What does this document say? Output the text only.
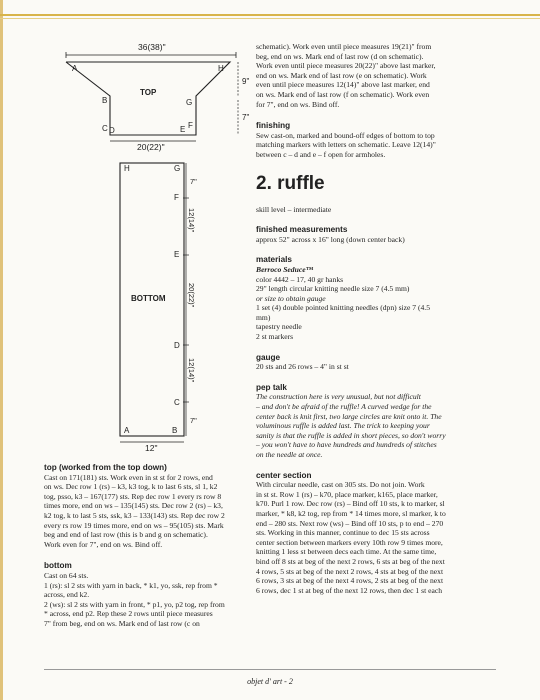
36(38)"
9"
7"
20(22)"
TOP
A	H
B	G
C D	E F
12"
BOTTOM
7"
12(14)"
20(22)"
12(14)"
7"
H	G
F
E
D
C
B
A

top (worked from the top down)

Cast on 171(181) sts. Work even in st st for 2 rows, end

on ws. Dec row 1 (rs) – k3, k3 tog, k to last 6 sts, sl 1, k2

tog, psso, k3 – 167(177) sts. Rep dec row 1 every rs row 8

times more, end on ws – 135(145) sts. Dec row 2 (rs) – k3,

k2 tog, k to last 5 sts, ssk, k3 – 133(143) sts. Rep dec row 2

every rs row 19 times more, end on ws – 95(105) sts. Mark

beg and end of last row (this is b and g on schematic).

Work even for 7", end on ws. Bind off.

bottom

Cast on 64 sts.

1 (rs): sl 2 sts with yarn in back, * k1, yo, ssk, rep from *

across, end k2.

2 (ws): sl 2 sts with yarn in front, * p1, yo, p2 tog, rep from

* across, end p2. Rep these 2 rows until piece measures

7" from beg, end on ws. Mark end of last row (c on

schematic). Work even until piece measures 19(21)" from

beg, end on ws. Mark end of last row (d on schematic).

Work even until piece measures 20(22)" above last marker,

end on ws. Mark end of last row (e on schematic). Work

even until piece measures 12(14)" above last marker, end

on ws. Mark end of last row (f on schematic). Work even

for 7", end on ws. Bind off.

finishing

Sew cast-on, marked and bound-off edges of bottom to top

matching markers with letters on schematic. Leave 12(14)"

between c – d and e – f open for armholes.

2. ruffle

skill level – intermediate

finished measurements

approx 52" across x 16" long (down center back)

materials

Berroco Seduce™

color 4442 – 17, 40 gr hanks

29" length circular knitting needle size 7 (4.5 mm)

or size to obtain gauge

1 set (4) double pointed knitting needles (dpn) size 7 (4.5

mm)

tapestry needle

2 st markers

gauge

20 sts and 26 rows – 4" in st st

pep talk

The construction here is very unusual, but not difficult

– and don't be afraid of the ruffle! A curved wedge for the

center back is knit first, two large circles are knit onto it. The

voluminous ruffle is added last. The trick to keeping your

sanity is that the ruffle is added in short pieces, so don't worry

– you won't have to have hundreds and hundreds of stitches

on the needle at once.

center section

With circular needle, cast on 305 sts. Do not join. Work

in st st. Row 1 (rs) – k70, place marker, k165, place marker,

k70. Purl 1 row. Dec row (rs) – Bind off 10 sts, k to marker, sl

marker, * k8, k2 tog, rep from * 14 times more, sl marker, k to

end – 280 sts. Next row (ws) – Bind off 10 sts, p to end – 270

sts. Working in this manner, continue to dec 15 sts across

center section between markers every 10th row 9 times more,

knitting 1 less st between decs each time. At the same time,

bind off 8 sts at beg of the next 2 rows, 6 sts at beg of the next

4 rows, 5 sts at beg of the next 2 rows, 4 sts at beg of the next

6 rows, 3 sts at beg of the next 4 rows, 2 sts at beg of the next

6 rows, dec 1 st at beg of the next 12 rows, then dec 1 st each

objet d' art - 2
